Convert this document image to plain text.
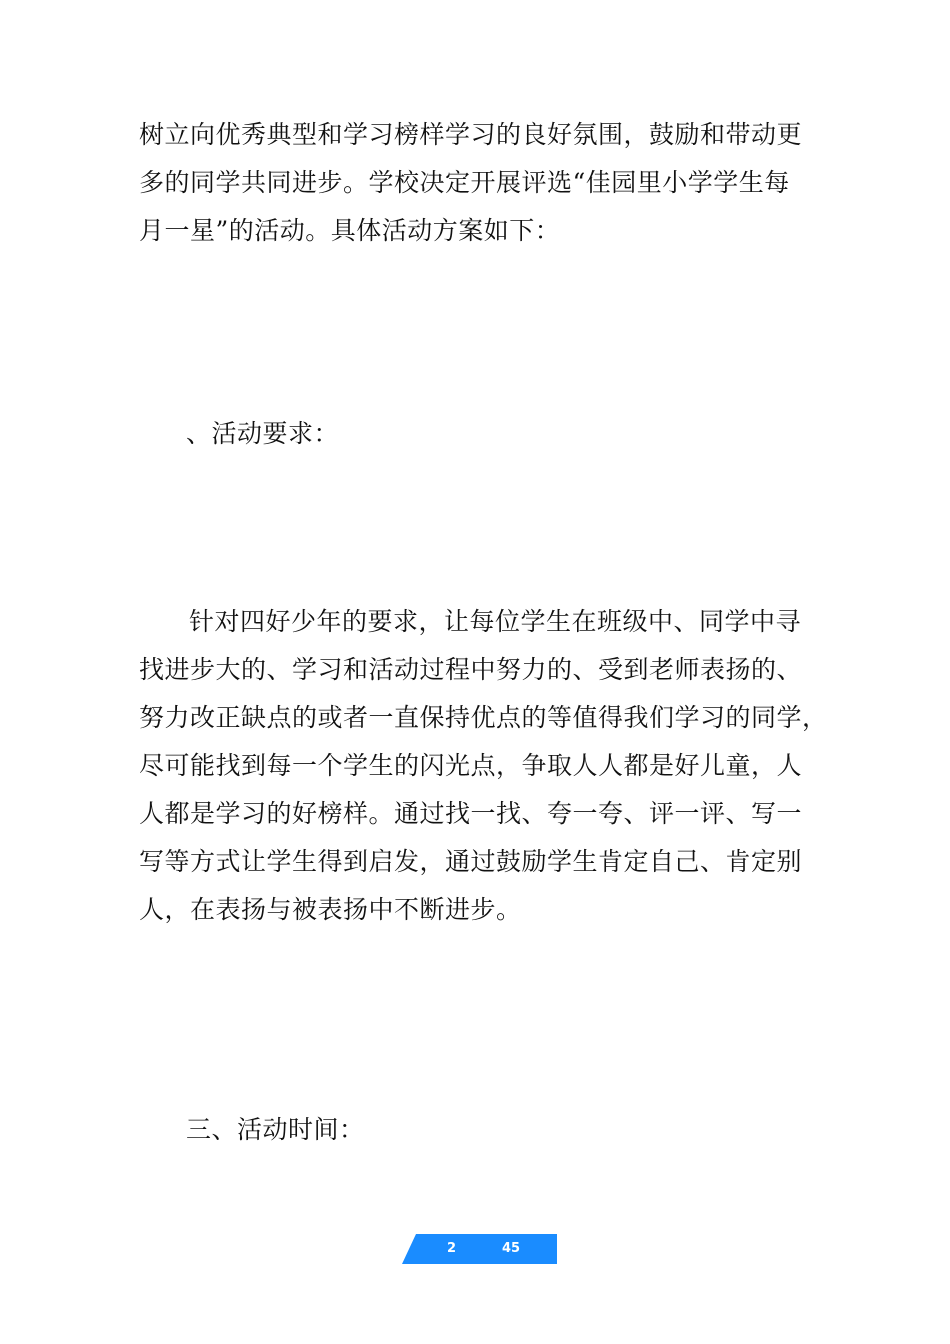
树立向优秀典型和学习榜样学习的良好氛围，鼓励和带动更
多的同学共同进步。学校决定开展评选“佳园里小学学生每
月一星”的活动。具体活动方案如下：

、活动要求：

针对四好少年的要求，让每位学生在班级中、同学中寻
找进步大的、学习和活动过程中努力的、受到老师表扬的、
努力改正缺点的或者一直保持优点的等值得我们学习的同学，
尽可能找到每一个学生的闪光点，争取人人都是好儿童，人
人都是学习的好榜样。通过找一找、夸一夸、评一评、写一
写等方式让学生得到启发，通过鼓励学生肯定自己、肯定别
人，在表扬与被表扬中不断进步。

三、活动时间：

2	45
